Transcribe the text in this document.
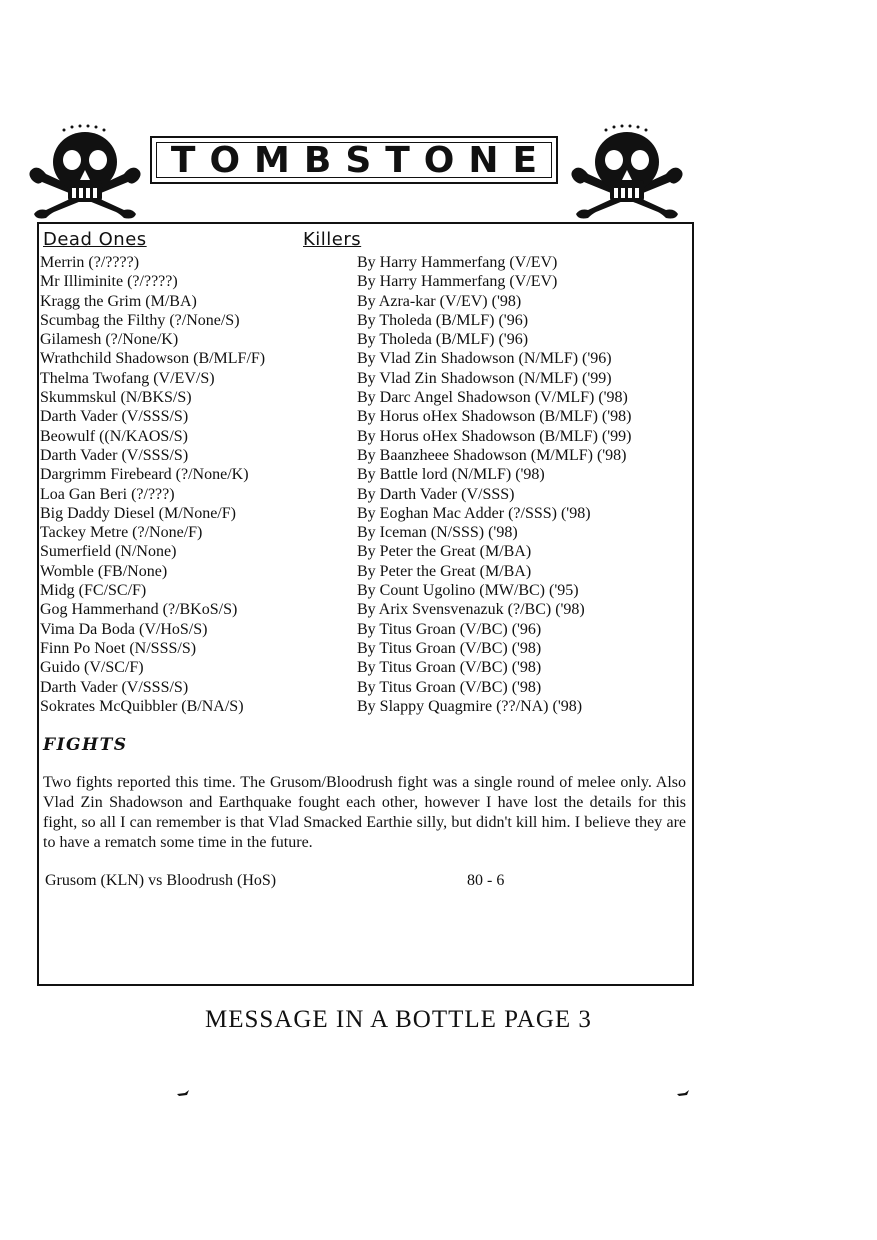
TOMBSTONE
Dead Ones	Killers
Merrin (?/????)	By Harry Hammerfang (V/EV)
Mr Illiminite (?/????)	By Harry Hammerfang (V/EV)
Kragg the Grim (M/BA)	By Azra-kar (V/EV) ('98)
Scumbag the Filthy (?/None/S)	By Tholeda (B/MLF) ('96)
Gilamesh (?/None/K)	By Tholeda (B/MLF) ('96)
Wrathchild Shadowson (B/MLF/F)	By Vlad Zin Shadowson (N/MLF) ('96)
Thelma Twofang (V/EV/S)	By Vlad Zin Shadowson (N/MLF) ('99)
Skummskul (N/BKS/S)	By Darc Angel Shadowson (V/MLF) ('98)
Darth Vader (V/SSS/S)	By Horus oHex Shadowson (B/MLF) ('98)
Beowulf ((N/KAOS/S)	By Horus oHex Shadowson (B/MLF) ('99)
Darth Vader (V/SSS/S)	By Baanzheee Shadowson (M/MLF) ('98)
Dargrimm Firebeard (?/None/K)	By Battle lord (N/MLF) ('98)
Loa Gan Beri (?/???)	By Darth Vader (V/SSS)
Big Daddy Diesel (M/None/F)	By Eoghan Mac Adder (?/SSS) ('98)
Tackey Metre (?/None/F)	By Iceman (N/SSS) ('98)
Sumerfield (N/None)	By Peter the Great (M/BA)
Womble (FB/None)	By Peter the Great (M/BA)
Midg (FC/SC/F)	By Count Ugolino (MW/BC) ('95)
Gog Hammerhand (?/BKoS/S)	By Arix Svensvenazuk (?/BC) ('98)
Vima Da Boda (V/HoS/S)	By Titus Groan (V/BC) ('96)
Finn Po Noet (N/SSS/S)	By Titus Groan (V/BC) ('98)
Guido (V/SC/F)	By Titus Groan (V/BC) ('98)
Darth Vader (V/SSS/S)	By Titus Groan (V/BC) ('98)
Sokrates McQuibbler (B/NA/S)	By Slappy Quagmire (??/NA) ('98)
FIGHTS
Two fights reported this time. The Grusom/Bloodrush fight was a single round of melee only. Also Vlad Zin Shadowson and Earthquake fought each other, however I have lost the details for this fight, so all I can remember is that Vlad Smacked Earthie silly, but didn't kill him. I believe they are to have a rematch some time in the future.
Grusom (KLN) vs Bloodrush (HoS)	80 - 6
MESSAGE IN A BOTTLE PAGE 3
